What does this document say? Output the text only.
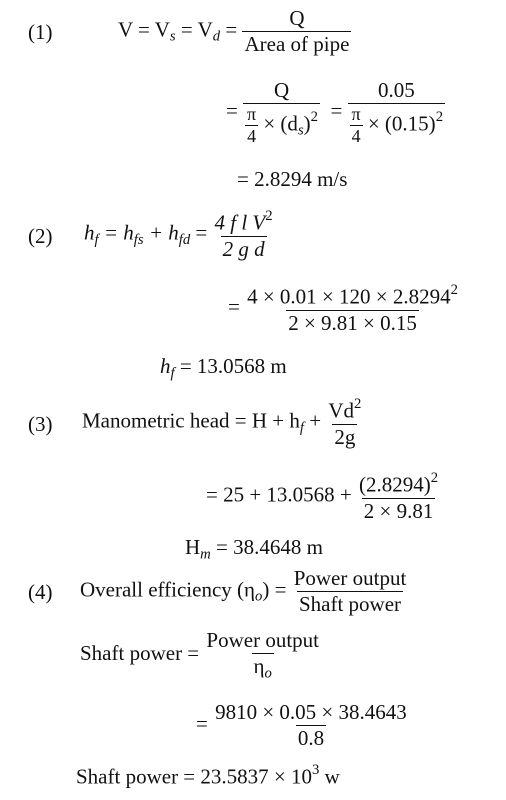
(1)	$V = V_s = V_d = \frac{Q}{\text{Area of pipe}}$
= $\frac{Q}{\frac{\pi}{4} \times (d_s)^2} = \frac{0.05}{\frac{\pi}{4} \times (0.15)^2}$
= 2.8294 m/s
(2) $h_f = h_{fs} + h_{fd} = \frac{4 f l V^2}{\text{2 g d}}$
= $\frac{4 \times 0.01 \times 120 \times 2.8294^2}{2 \times 9.81 \times 0.15}$
$h_f = 13.0568$ m
(3) Manometric head = $H + h_f + \frac{Vd^2}{2g}$
= $25 + 13.0568 + \frac{(2.8294)^2}{2 \times 9.81}$
$H_m = 38.4648$ m
(4) Overall efficiency $(\eta_o) = \frac{\text{Power output}}{\text{Shaft power}}$
Shaft power = $\frac{\text{Power output}}{\eta_o}$
= $\frac{9810 \times 0.05 \times 38.4643}{0.8}$
Shaft power = $23.5837 \times 10^3$ w
